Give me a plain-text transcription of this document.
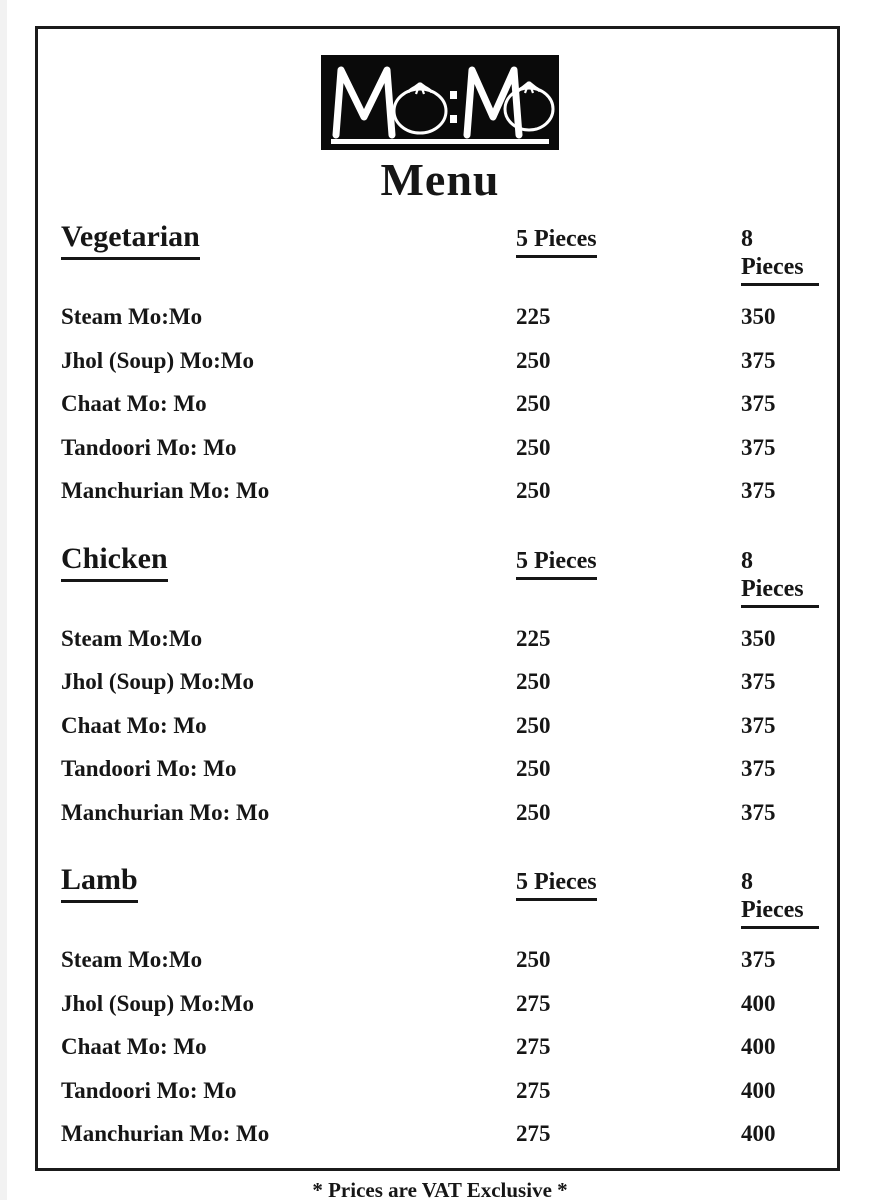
Menu
Vegetarian	5 Pieces	8 Pieces
Steam Mo:Mo	225	350
Jhol (Soup) Mo:Mo	250	375
Chaat Mo: Mo	250	375
Tandoori Mo: Mo	250	375
Manchurian Mo: Mo	250	375
Chicken	5 Pieces	8 Pieces
Steam Mo:Mo	225	350
Jhol (Soup) Mo:Mo	250	375
Chaat Mo: Mo	250	375
Tandoori Mo: Mo	250	375
Manchurian Mo: Mo	250	375
Lamb	5 Pieces	8 Pieces
Steam Mo:Mo	250	375
Jhol (Soup) Mo:Mo	275	400
Chaat Mo: Mo	275	400
Tandoori Mo: Mo	275	400
Manchurian Mo: Mo	275	400
* Prices are VAT Exclusive *
